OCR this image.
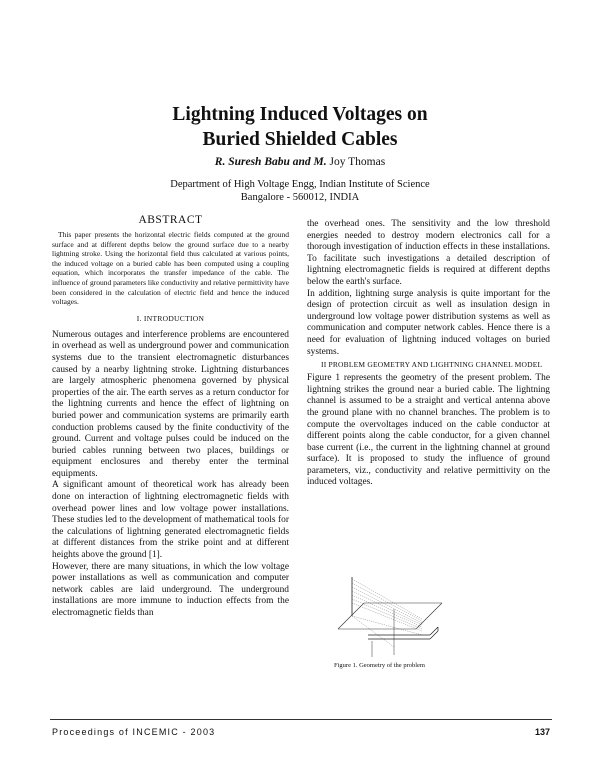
Lightning Induced Voltages on
Buried Shielded Cables
R. Suresh Babu and M. Joy Thomas
Department of High Voltage Engg, Indian Institute of Science
Bangalore - 560012, INDIA
ABSTRACT

This paper presents the horizontal electric fields computed at the ground surface and at different depths below the ground surface due to a nearby lightning stroke. Using the horizontal field thus calculated at various points, the induced voltage on a buried cable has been computed using a coupling equation, which incorporates the transfer impedance of the cable. The influence of ground parameters like conductivity and relative permittivity have been considered in the calculation of electric field and hence the induced voltages.

I. INTRODUCTION

Numerous outages and interference problems are encountered in overhead as well as underground power and communication systems due to the transient electromagnetic disturbances caused by a nearby lightning stroke. Lightning disturbances are largely atmospheric phenomena governed by physical properties of the air. The earth serves as a return conductor for the lightning currents and hence the effect of lightning on buried power and communication systems are primarily earth conduction problems caused by the finite conductivity of the ground. Current and voltage pulses could be induced on the buried cables running between two places, buildings or equipment enclosures and thereby enter the terminal equipments.

A significant amount of theoretical work has already been done on interaction of lightning electromagnetic fields with overhead power lines and low voltage power installations. These studies led to the development of mathematical tools for the calculations of lightning generated electromagnetic fields at different distances from the strike point and at different heights above the ground [1].

However, there are many situations, in which the low voltage power installations as well as communication and computer network cables are laid underground. The underground installations are more immune to induction effects from the electromagnetic fields than

the overhead ones. The sensitivity and the low threshold energies needed to destroy modern electronics call for a thorough investigation of induction effects in these installations. To facilitate such investigations a detailed description of lightning electromagnetic fields is required at different depths below the earth's surface.

In addition, lightning surge analysis is quite important for the design of protection circuit as well as insulation design in underground low voltage power distribution systems as well as communication and computer network cables. Hence there is a need for evaluation of lightning induced voltages on buried systems.

II PROBLEM GEOMETRY AND LIGHTNING CHANNEL MODEL

Figure 1 represents the geometry of the present problem. The lightning strikes the ground near a buried cable. The lightning channel is assumed to be a straight and vertical antenna above the ground plane with no channel branches. The problem is to compute the overvoltages induced on the cable conductor at different points along the cable conductor, for a given channel base current (i.e., the current in the lightning channel at ground surface). It is proposed to study the influence of ground parameters, viz., conductivity and relative permittivity on the induced voltages.

Figure 1. Geometry of the problem
Proceedings of INCEMIC - 2003	137
